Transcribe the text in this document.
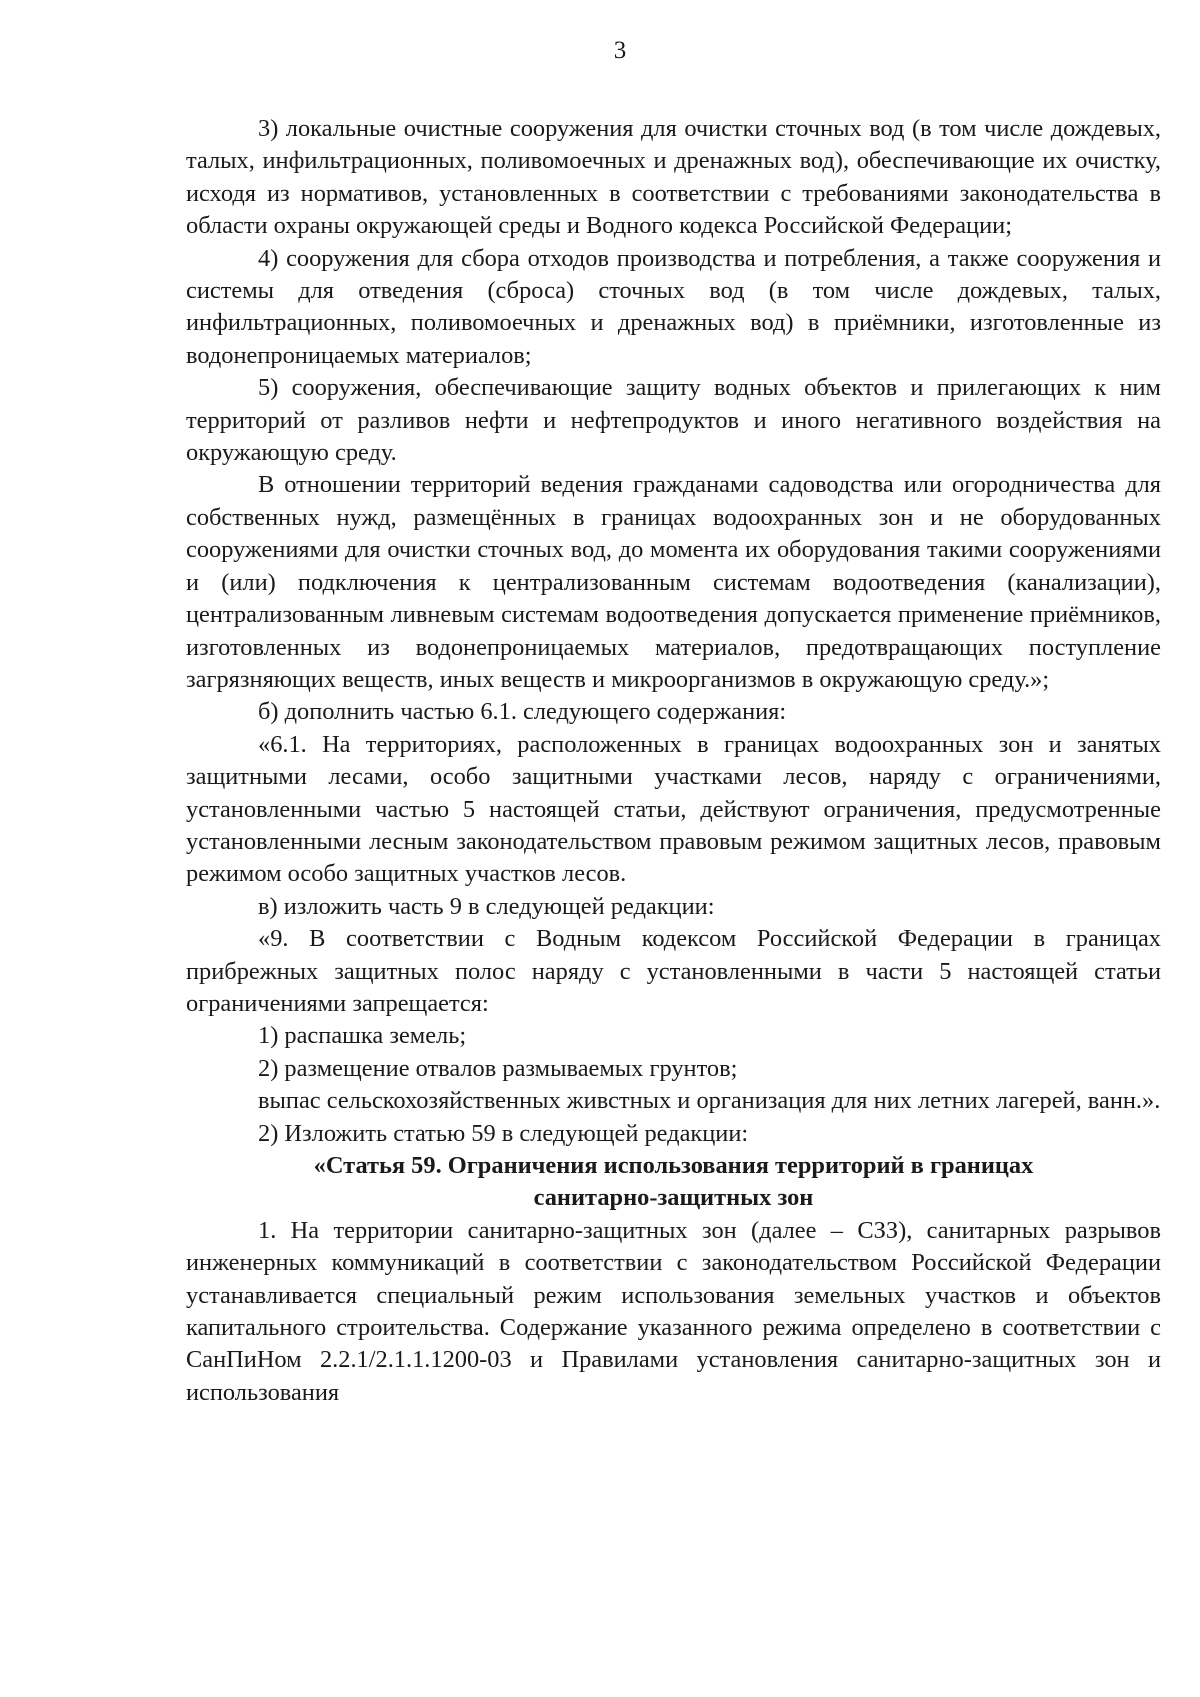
3

3) локальные очистные сооружения для очистки сточных вод (в том числе дождевых, талых, инфильтрационных, поливомоечных и дренажных вод), обеспечивающие их очистку, исходя из нормативов, установленных в соответствии с требованиями законодательства в области охраны окружающей среды и Водного кодекса Российской Федерации;

4) сооружения для сбора отходов производства и потребления, а также сооружения и системы для отведения (сброса) сточных вод (в том числе дождевых, талых, инфильтрационных, поливомоечных и дренажных вод) в приёмники, изготовленные из водонепроницаемых материалов;

5) сооружения, обеспечивающие защиту водных объектов и прилегающих к ним территорий от разливов нефти и нефтепродуктов и иного негативного воздействия на окружающую среду.

В отношении территорий ведения гражданами садоводства или огородничества для собственных нужд, размещённых в границах водоохранных зон и не оборудованных сооружениями для очистки сточных вод, до момента их оборудования такими сооружениями и (или) подключения к централизованным системам водоотведения (канализации), централизованным ливневым системам водоотведения допускается применение приёмников, изготовленных из водонепроницаемых материалов, предотвращающих поступление загрязняющих веществ, иных веществ и микроорганизмов в окружающую среду.»;

б) дополнить частью 6.1. следующего содержания:

«6.1. На территориях, расположенных в границах водоохранных зон и занятых защитными лесами, особо защитными участками лесов, наряду с ограничениями, установленными частью 5 настоящей статьи, действуют ограничения, предусмотренные установленными лесным законодательством правовым режимом защитных лесов, правовым режимом особо защитных участков лесов.

в) изложить часть 9 в следующей редакции:

«9. В соответствии с Водным кодексом Российской Федерации в границах прибрежных защитных полос наряду с установленными в части 5 настоящей статьи ограничениями запрещается:

1) распашка земель;

2) размещение отвалов размываемых грунтов;

выпас сельскохозяйственных живстных и организация для них летних лагерей, ванн.».

2) Изложить статью 59 в следующей редакции:

«Статья 59. Ограничения использования территорий в границах
санитарно-защитных зон

1. На территории санитарно-защитных зон (далее – СЗЗ), санитарных разрывов инженерных коммуникаций в соответствии с законодательством Российской Федерации устанавливается специальный режим использования земельных участков и объектов капитального строительства. Содержание указанного режима определено в соответствии с СанПиНом 2.2.1/2.1.1.1200-03 и Правилами установления санитарно-защитных зон и использования
